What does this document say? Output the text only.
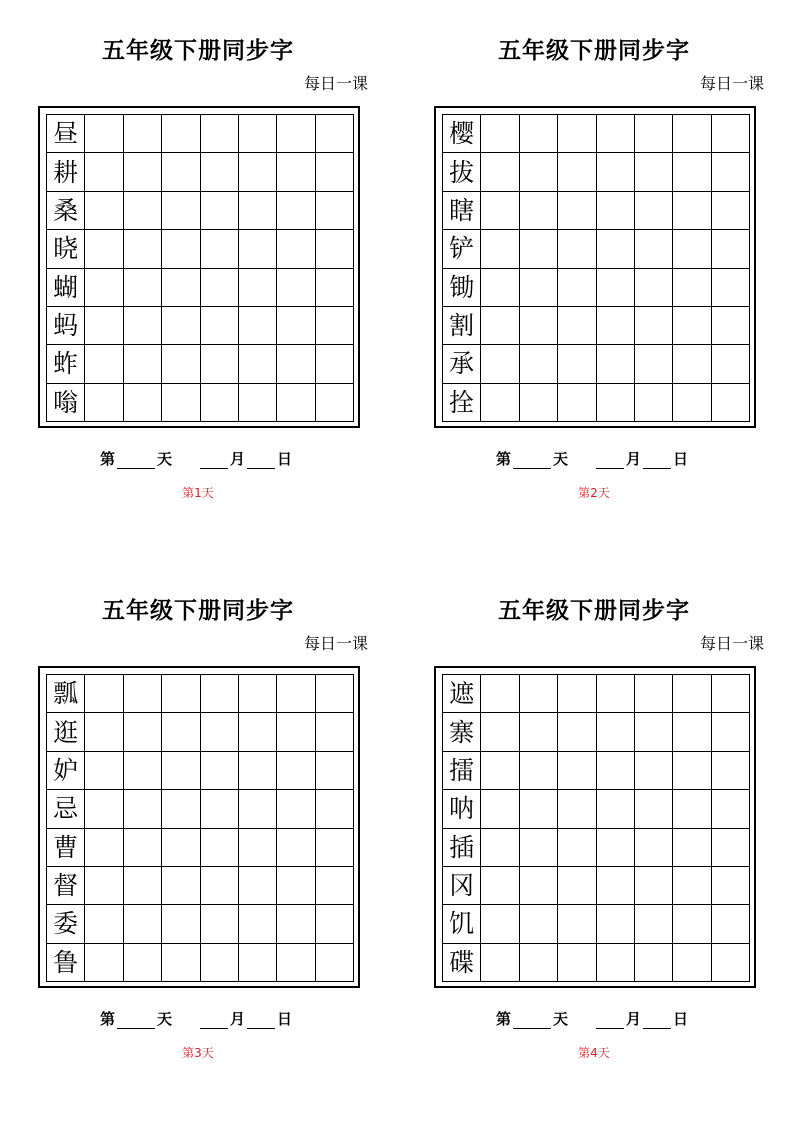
五年级下册同步字
每日一课
昼
耕
桑
晓
蝴
蚂
蚱
嗡
第	天	月 日
第1天
五年级下册同步字
每日一课
樱
拔
瞎
铲
锄
割
承
拴
第	天	月 日
第2天
五年级下册同步字
每日一课
瓢
逛
妒
忌
曹
督
委
鲁
第	天	月 日
第3天
五年级下册同步字
每日一课
遮
寨
擂
呐
插
冈
饥
碟
第	天	月 日
第4天
